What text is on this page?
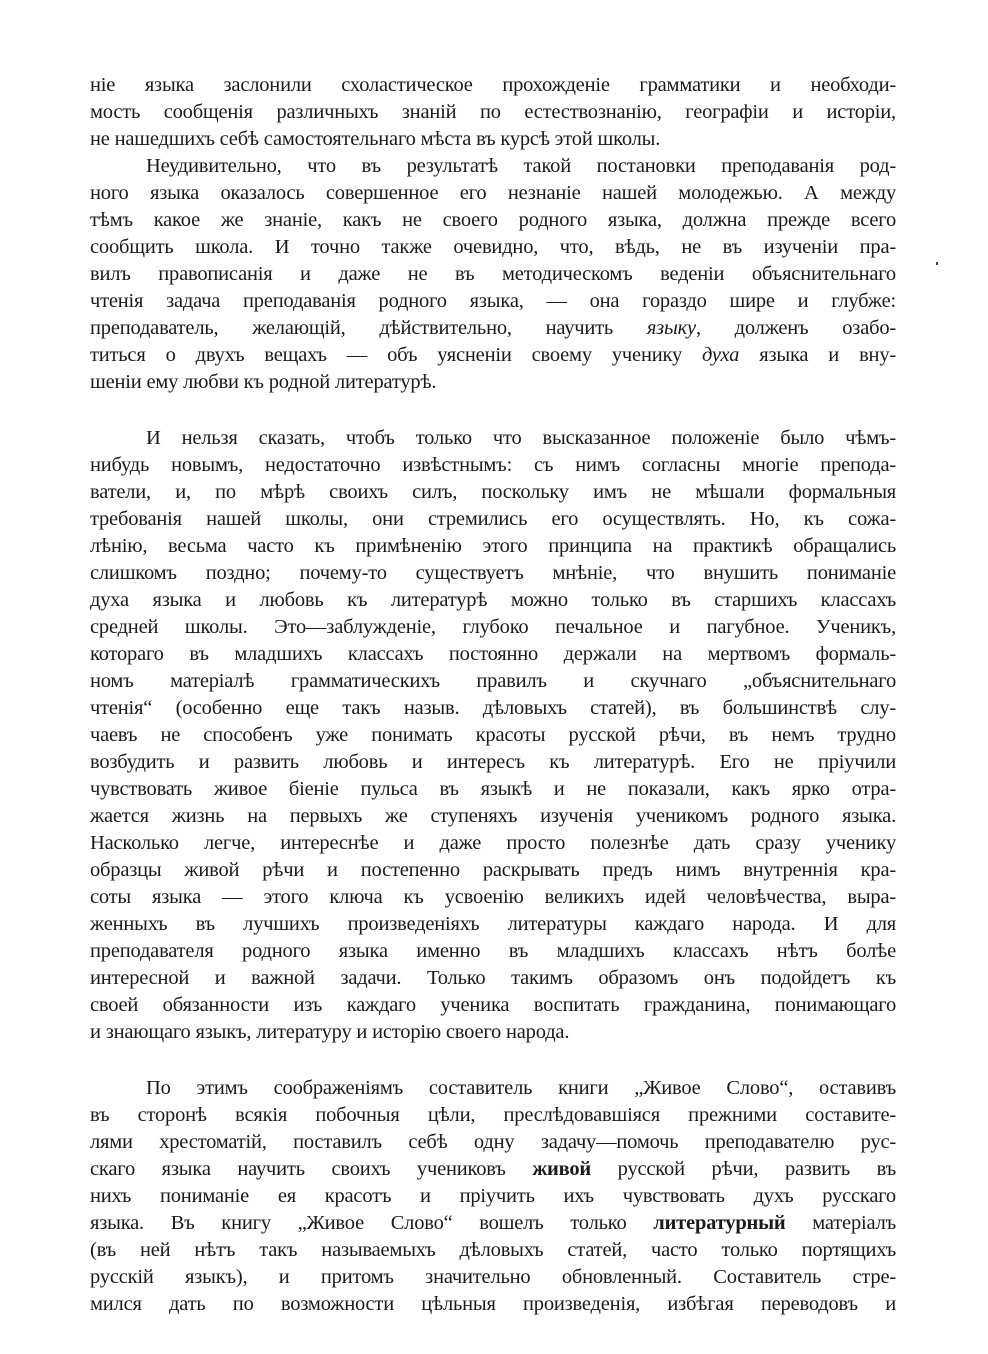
ніе языка заслонили схоластическое прохожденіе грамматики и необходи-
мость сообщенія различныхъ знаній по естествознанію, географіи и исторіи,
не нашедшихъ себѣ самостоятельнаго мѣста въ курсѣ этой школы.
Неудивительно, что въ результатѣ такой постановки преподаванія род-
ного языка оказалось совершенное его незнаніе нашей молодежью. А между
тѣмъ какое же знаніе, какъ не своего родного языка, должна прежде всего
сообщить школа. И точно также очевидно, что, вѣдь, не въ изученіи пра-
вилъ правописанія и даже не въ методическомъ веденіи объяснительнаго
чтенія задача преподаванія родного языка, — она гораздо шире и глубже:
преподаватель, желающій, дѣйствительно, научить языку, долженъ озабо-
титься о двухъ вещахъ — объ уясненіи своему ученику духа языка и вну-
шеніи ему любви къ родной литературѣ.
И нельзя сказать, чтобъ только что высказанное положеніе было чѣмъ-
нибудь новымъ, недостаточно извѣстнымъ: съ нимъ согласны многіе препода-
ватели, и, по мѣрѣ своихъ силъ, поскольку имъ не мѣшали формальныя
требованія нашей школы, они стремились его осуществлять. Но, къ сожа-
лѣнію, весьма часто къ примѣненію этого принципа на практикѣ обращались
слишкомъ поздно; почему-то существуетъ мнѣніе, что внушить пониманіе
духа языка и любовь къ литературѣ можно только въ старшихъ классахъ
средней школы. Это—заблужденіе, глубоко печальное и пагубное. Ученикъ,
котораго въ младшихъ классахъ постоянно держали на мертвомъ формаль-
номъ матеріалѣ грамматическихъ правилъ и скучнаго „объяснительнаго
чтенія“ (особенно еще такъ назыв. дѣловыхъ статей), въ большинствѣ слу-
чаевъ не способенъ уже понимать красоты русской рѣчи, въ немъ трудно
возбудить и развить любовь и интересъ къ литературѣ. Его не пріучили
чувствовать живое біеніе пульса въ языкѣ и не показали, какъ ярко отра-
жается жизнь на первыхъ же ступеняхъ изученія ученикомъ родного языка.
Насколько легче, интереснѣе и даже просто полезнѣе дать сразу ученику
образцы живой рѣчи и постепенно раскрывать предъ нимъ внутреннія кра-
соты языка — этого ключа къ усвоенію великихъ идей человѣчества, выра-
женныхъ въ лучшихъ произведеніяхъ литературы каждаго народа. И для
преподавателя родного языка именно въ младшихъ классахъ нѣтъ болѣе
интересной и важной задачи. Только такимъ образомъ онъ подойдетъ къ
своей обязанности изъ каждаго ученика воспитать гражданина, понимающаго
и знающаго языкъ, литературу и исторію своего народа.
По этимъ соображеніямъ составитель книги „Живое Слово“, оставивъ
въ сторонѣ всякія побочныя цѣли, преслѣдовавшіяся прежними составите-
лями хрестоматій, поставилъ себѣ одну задачу—помочь преподавателю рус-
скаго языка научить своихъ учениковъ живой русской рѣчи, развить въ
нихъ пониманіе ея красотъ и пріучить ихъ чувствовать духъ русскаго
языка. Въ книгу „Живое Слово“ вошелъ только литературный матеріалъ
(въ ней нѣтъ такъ называемыхъ дѣловыхъ статей, часто только портящихъ
русскій языкъ), и притомъ значительно обновленный. Составитель стре-
мился дать по возможности цѣльныя произведенія, избѣгая переводовъ и
